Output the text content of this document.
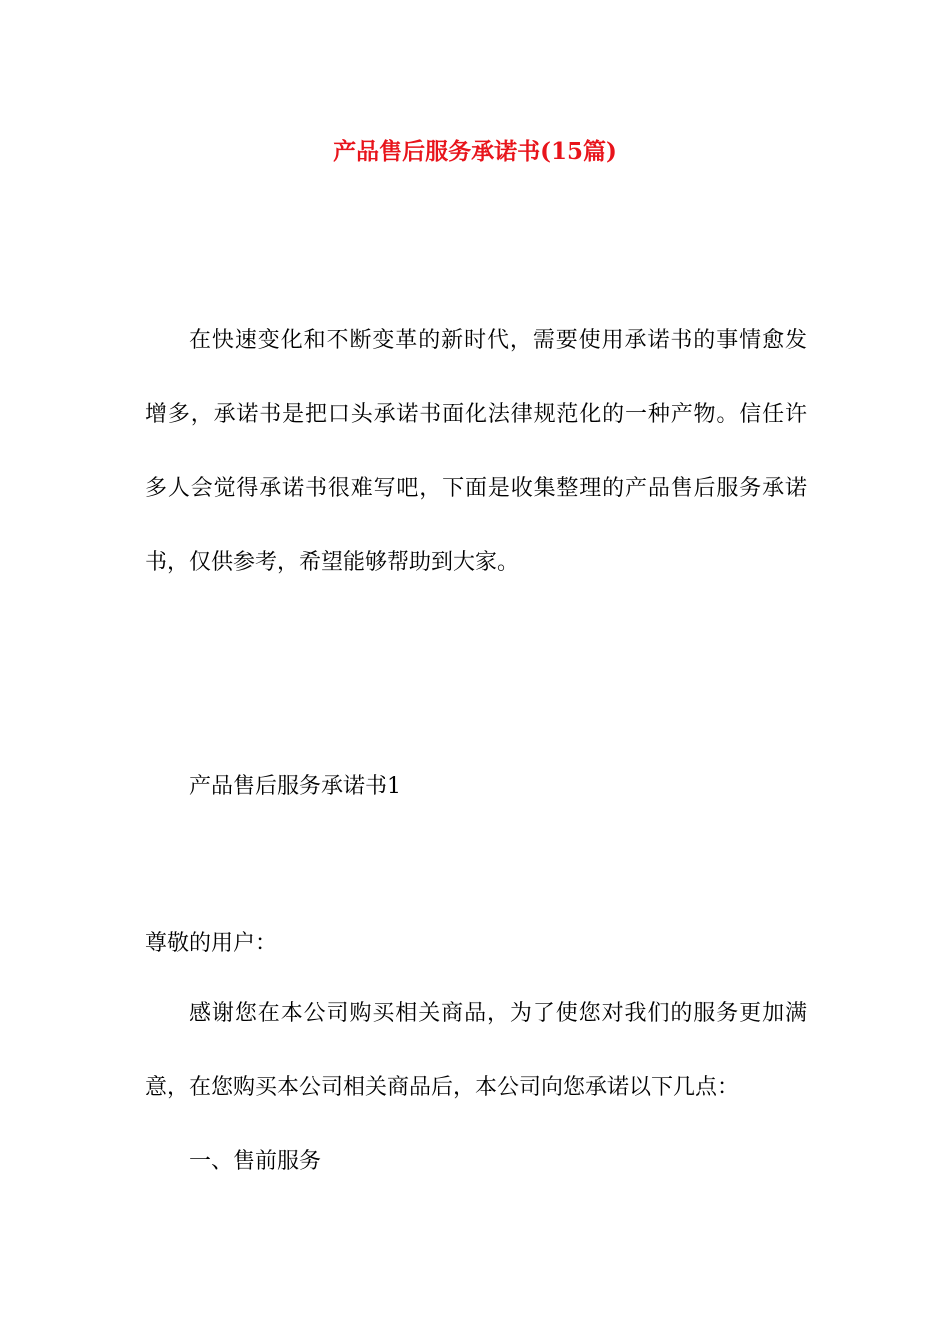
产品售后服务承诺书(15篇)

在快速变化和不断变革的新时代，需要使用承诺书的事情愈发

增多，承诺书是把口头承诺书面化法律规范化的一种产物。信任许

多人会觉得承诺书很难写吧，下面是收集整理的产品售后服务承诺

书，仅供参考，希望能够帮助到大家。

产品售后服务承诺书1

尊敬的用户：

感谢您在本公司购买相关商品，为了使您对我们的服务更加满

意，在您购买本公司相关商品后，本公司向您承诺以下几点：

一、售前服务
